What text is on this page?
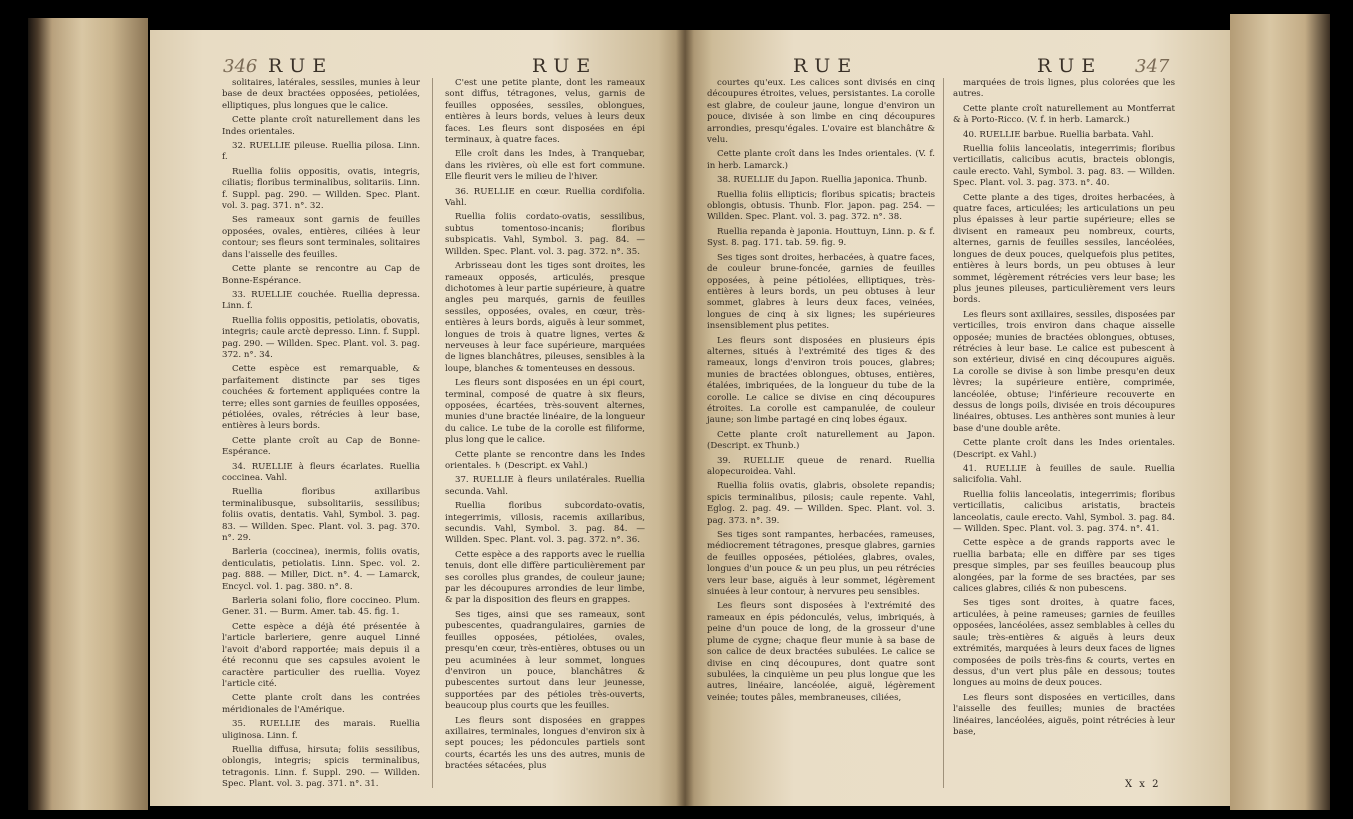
346 RUE	RUE

solitaires, latérales, sessiles, munies à leur base de deux bractées opposées, petiolées, elliptiques, plus longues que le calice.

Cette plante croît naturellement dans les Indes orientales.

32. RUELLIE pileuse. Ruellia pilosa. Linn. f.

Ruellia foliis oppositis, ovatis, integris, ciliatis; floribus terminalibus, solitariis. Linn. f. Suppl. pag. 290. — Willden. Spec. Plant. vol. 3. pag. 371. n°. 32.

Ses rameaux sont garnis de feuilles opposées, ovales, entières, ciliées à leur contour; ses fleurs sont terminales, solitaires dans l'aisselle des feuilles.

Cette plante se rencontre au Cap de Bonne-Espérance.

33. RUELLIE couchée. Ruellia depressa. Linn. f.

Ruellia foliis oppositis, petiolatis, obovatis, integris; caule arctè depresso. Linn. f. Suppl. pag. 290. — Willden. Spec. Plant. vol. 3. pag. 372. n°. 34.

Cette espèce est remarquable, & parfaitement distincte par ses tiges couchées & fortement appliquées contre la terre; elles sont garnies de feuilles opposées, pétiolées, ovales, rétrécies à leur base, entières à leurs bords.

Cette plante croît au Cap de Bonne-Espérance.

34. RUELLIE à fleurs écarlates. Ruellia coccinea. Vahl.

Ruellia floribus axillaribus terminalibusque, subsolitariis, sessilibus; foliis ovatis, dentatis. Vahl, Symbol. 3. pag. 83. — Willden. Spec. Plant. vol. 3. pag. 370. n°. 29.

Barleria (coccinea), inermis, foliis ovatis, denticulatis, petiolatis. Linn. Spec. vol. 2. pag. 888. — Miller, Dict. n°. 4. — Lamarck, Encycl. vol. 1. pag. 380. n°. 8.

Barleria solani folio, flore coccineo. Plum. Gener. 31. — Burm. Amer. tab. 45. fig. 1.

Cette espèce a déjà été présentée à l'article barleriere, genre auquel Linné l'avoit d'abord rapportée; mais depuis il a été reconnu que ses capsules avoient le caractère particulier des ruellia. Voyez l'article cité.

Cette plante croît dans les contrées méridionales de l'Amérique.

35. RUELLIE des marais. Ruellia uliginosa. Linn. f.

Ruellia diffusa, hirsuta; foliis sessilibus, oblongis, integris; spicis terminalibus, tetragonis. Linn. f. Suppl. 290. — Willden. Spec. Plant. vol. 3. pag. 371. n°. 31.

C'est une petite plante, dont les rameaux sont diffus, tétragones, velus, garnis de feuilles opposées, sessiles, oblongues, entières à leurs bords, velues à leurs deux faces. Les fleurs sont disposées en épi terminaux, à quatre faces.

Elle croît dans les Indes, à Tranquebar, dans les rivières, où elle est fort commune. Elle fleurit vers le milieu de l'hiver.

36. RUELLIE en cœur. Ruellia cordifolia. Vahl.

Ruellia foliis cordato-ovatis, sessilibus, subtus tomentoso-incanis; floribus subspicatis. Vahl, Symbol. 3. pag. 84. — Willden. Spec. Plant. vol. 3. pag. 372. n°. 35.

Arbrisseau dont les tiges sont droites, les rameaux opposés, articulés, presque dichotomes à leur partie supérieure, à quatre angles peu marqués, garnis de feuilles sessiles, opposées, ovales, en cœur, très-entières à leurs bords, aiguës à leur sommet, longues de trois à quatre lignes, vertes & nerveuses à leur face supérieure, marquées de lignes blanchâtres, pileuses, sensibles à la loupe, blanches & tomenteuses en dessous.

Les fleurs sont disposées en un épi court, terminal, composé de quatre à six fleurs, opposées, écartées, très-souvent alternes, munies d'une bractée linéaire, de la longueur du calice. Le tube de la corolle est filiforme, plus long que le calice.

Cette plante se rencontre dans les Indes orientales. ♄ (Descript. ex Vahl.)

37. RUELLIE à fleurs unilatérales. Ruellia secunda. Vahl.

Ruellia floribus subcordato-ovatis, integerrimis, villosis, racemis axillaribus, secundis. Vahl, Symbol. 3. pag. 84. — Willden. Spec. Plant. vol. 3. pag. 372. n°. 36.

Cette espèce a des rapports avec le ruellia tenuis, dont elle diffère particulièrement par ses corolles plus grandes, de couleur jaune; par les découpures arrondies de leur limbe, & par la disposition des fleurs en grappes.

Ses tiges, ainsi que ses rameaux, sont pubescentes, quadrangulaires, garnies de feuilles opposées, pétiolées, ovales, presqu'en cœur, très-entières, obtuses ou un peu acuminées à leur sommet, longues d'environ un pouce, blanchâtres & pubescentes surtout dans leur jeunesse, supportées par des pétioles très-ouverts, beaucoup plus courts que les feuilles.

Les fleurs sont disposées en grappes axillaires, terminales, longues d'environ six à sept pouces; les pédoncules partiels sont courts, écartés les uns des autres, munis de bractées sétacées, plus

RUE	RUE 347

courtes qu'eux. Les calices sont divisés en cinq découpures étroites, velues, persistantes. La corolle est glabre, de couleur jaune, longue d'environ un pouce, divisée à son limbe en cinq découpures arrondies, presqu'égales. L'ovaire est blanchâtre & velu.

Cette plante croît dans les Indes orientales. (V. f. in herb. Lamarck.)

38. RUELLIE du Japon. Ruellia japonica. Thunb.

Ruellia foliis ellipticis; floribus spicatis; bracteis oblongis, obtusis. Thunb. Flor. japon. pag. 254. — Willden. Spec. Plant. vol. 3. pag. 372. n°. 38.

Ruellia repanda è japonia. Houttuyn, Linn. p. & f. Syst. 8. pag. 171. tab. 59. fig. 9.

Ses tiges sont droites, herbacées, à quatre faces, de couleur brune-foncée, garnies de feuilles opposées, à peine pétiolées, elliptiques, très-entières à leurs bords, un peu obtuses à leur sommet, glabres à leurs deux faces, veinées, longues de cinq à six lignes; les supérieures insensiblement plus petites.

Les fleurs sont disposées en plusieurs épis alternes, situés à l'extrémité des tiges & des rameaux, longs d'environ trois pouces, glabres; munies de bractées oblongues, obtuses, entières, étalées, imbriquées, de la longueur du tube de la corolle. Le calice se divise en cinq découpures étroites. La corolle est campanulée, de couleur jaune; son limbe partagé en cinq lobes égaux.

Cette plante croît naturellement au Japon. (Descript. ex Thunb.)

39. RUELLIE queue de renard. Ruellia alopecuroidea. Vahl.

Ruellia foliis ovatis, glabris, obsolete repandis; spicis terminalibus, pilosis; caule repente. Vahl, Eglog. 2. pag. 49. — Willden. Spec. Plant. vol. 3. pag. 373. n°. 39.

Ses tiges sont rampantes, herbacées, rameuses, médiocrement tétragones, presque glabres, garnies de feuilles opposées, pétiolées, glabres, ovales, longues d'un pouce & un peu plus, un peu rétrécies vers leur base, aiguës à leur sommet, légèrement sinuées à leur contour, à nervures peu sensibles.

Les fleurs sont disposées à l'extrémité des rameaux en épis pédonculés, velus, imbriqués, à peine d'un pouce de long, de la grosseur d'une plume de cygne; chaque fleur munie à sa base de son calice de deux bractées subulées. Le calice se divise en cinq découpures, dont quatre sont subulées, la cinquième un peu plus longue que les autres, linéaire, lancéolée, aiguë, légèrement veinée; toutes pâles, membraneuses, ciliées,

marquées de trois lignes, plus colorées que les autres.

Cette plante croît naturellement au Montferrat & à Porto-Ricco. (V. f. in herb. Lamarck.)

40. RUELLIE barbue. Ruellia barbata. Vahl.

Ruellia foliis lanceolatis, integerrimis; floribus verticillatis, calicibus acutis, bracteis oblongis, caule erecto. Vahl, Symbol. 3. pag. 83. — Willden. Spec. Plant. vol. 3. pag. 373. n°. 40.

Cette plante a des tiges, droites herbacées, à quatre faces, articulées; les articulations un peu plus épaisses à leur partie supérieure; elles se divisent en rameaux peu nombreux, courts, alternes, garnis de feuilles sessiles, lancéolées, longues de deux pouces, quelquefois plus petites, entières à leurs bords, un peu obtuses à leur sommet, légèrement rétrécies vers leur base; les plus jeunes pileuses, particulièrement vers leurs bords.

Les fleurs sont axillaires, sessiles, disposées par verticilles, trois environ dans chaque aisselle opposée; munies de bractées oblongues, obtuses, rétrécies à leur base. Le calice est pubescent à son extérieur, divisé en cinq découpures aiguës. La corolle se divise à son limbe presqu'en deux lèvres; la supérieure entière, comprimée, lancéolée, obtuse; l'inférieure recouverte en dessus de longs poils, divisée en trois découpures linéaires, obtuses. Les anthères sont munies à leur base d'une double arête.

Cette plante croît dans les Indes orientales. (Descript. ex Vahl.)

41. RUELLIE à feuilles de saule. Ruellia salicifolia. Vahl.

Ruellia foliis lanceolatis, integerrimis; floribus verticillatis, calicibus aristatis, bracteis lanceolatis, caule erecto. Vahl, Symbol. 3. pag. 84. — Willden. Spec. Plant. vol. 3. pag. 374. n°. 41.

Cette espèce a de grands rapports avec le ruellia barbata; elle en diffère par ses tiges presque simples, par ses feuilles beaucoup plus alongées, par la forme de ses bractées, par ses calices glabres, ciliés & non pubescens.

Ses tiges sont droites, à quatre faces, articulées, à peine rameuses; garnies de feuilles opposées, lancéolées, assez semblables à celles du saule; très-entières & aiguës à leurs deux extrémités, marquées à leurs deux faces de lignes composées de poils très-fins & courts, vertes en dessus, d'un vert plus pâle en dessous; toutes longues au moins de deux pouces.

Les fleurs sont disposées en verticilles, dans l'aisselle des feuilles; munies de bractées linéaires, lancéolées, aiguës, point rétrécies à leur base,

X x 2
